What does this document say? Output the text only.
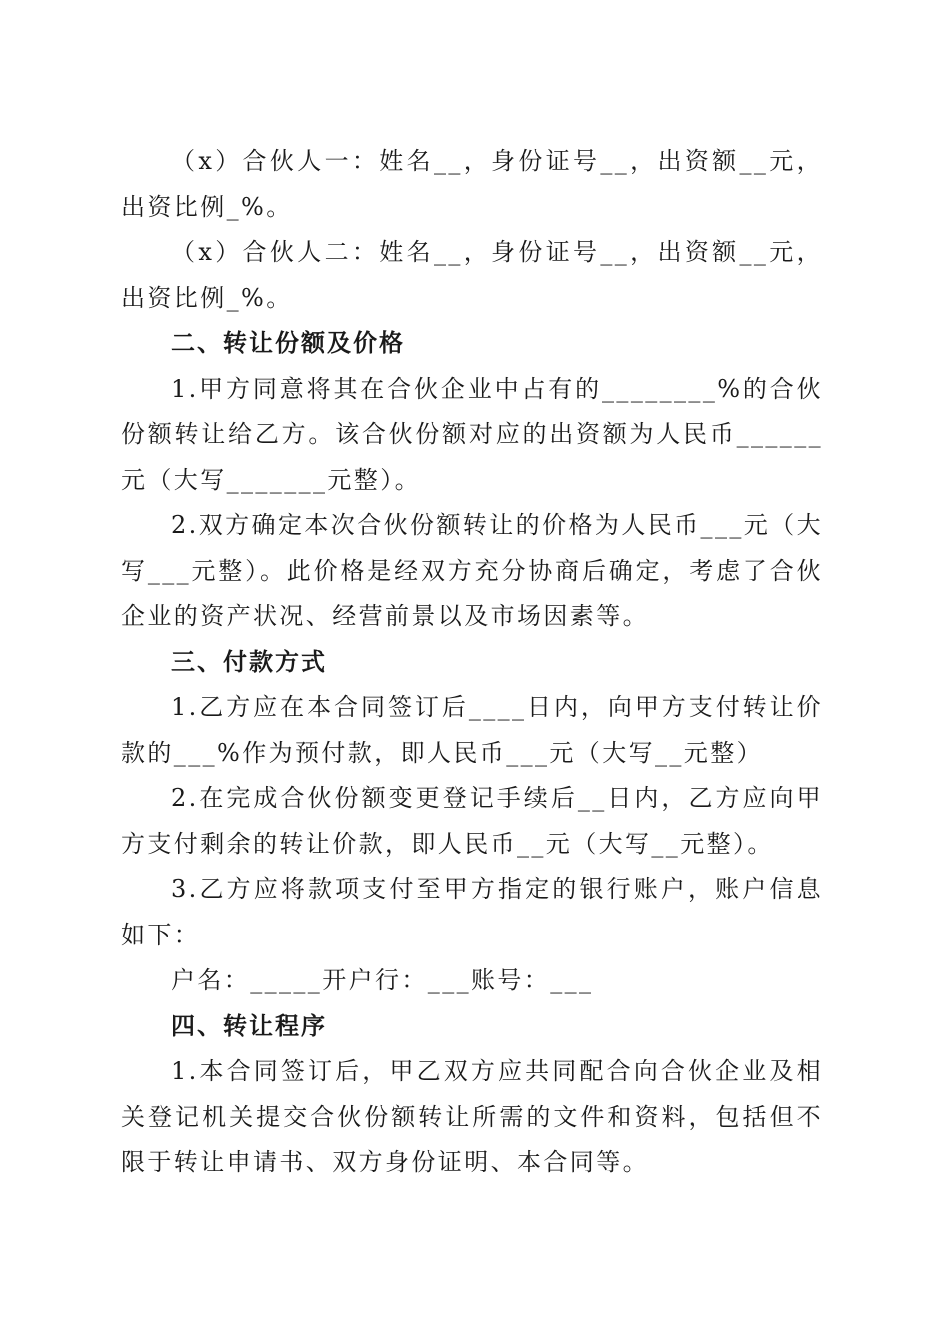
（x）合伙人一：姓名__，身份证号__，出资额__元，出资比例_%。

（x）合伙人二：姓名__，身份证号__，出资额__元，出资比例_%。

二、转让份额及价格

1.甲方同意将其在合伙企业中占有的________%的合伙份额转让给乙方。该合伙份额对应的出资额为人民币______元（大写_______元整）。

2.双方确定本次合伙份额转让的价格为人民币___元（大写___元整）。此价格是经双方充分协商后确定，考虑了合伙企业的资产状况、经营前景以及市场因素等。

三、付款方式

1.乙方应在本合同签订后____日内，向甲方支付转让价款的___%作为预付款，即人民币___元（大写__元整）

2.在完成合伙份额变更登记手续后__日内，乙方应向甲方支付剩余的转让价款，即人民币__元（大写__元整）。

3.乙方应将款项支付至甲方指定的银行账户，账户信息如下：

户名：_____开户行：___账号：___

四、转让程序

1.本合同签订后，甲乙双方应共同配合向合伙企业及相关登记机关提交合伙份额转让所需的文件和资料，包括但不限于转让申请书、双方身份证明、本合同等。
